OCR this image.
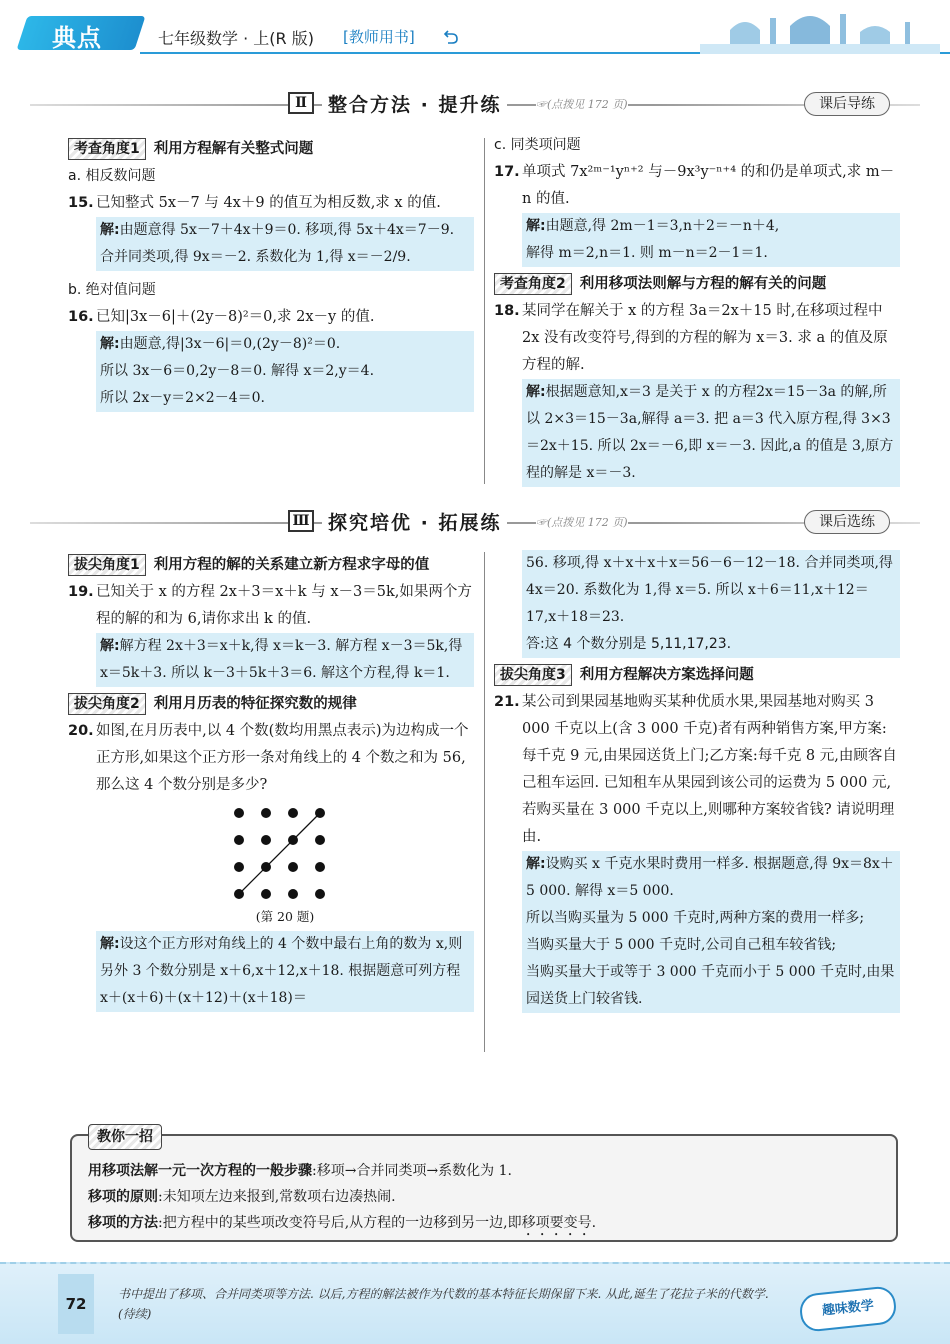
典点	七年级数学 · 上(R 版) [教师用书]
Ⅱ	整合方法 · 提升练	☞(点拨见 172 页)	课后导练
考查角度1 利用方程解有关整式问题
a. 相反数问题
15. 已知整式 5x－7 与 4x＋9 的值互为相反数,求 x 的值.
解:由题意得 5x－7＋4x＋9＝0. 移项,得 5x＋4x＝7－9. 合并同类项,得 9x＝－2. 系数化为 1,得 x＝－2/9.
b. 绝对值问题
16. 已知|3x－6|＋(2y－8)²＝0,求 2x－y 的值.
解:由题意,得|3x－6|＝0,(2y－8)²＝0.
所以 3x－6＝0,2y－8＝0. 解得 x＝2,y＝4.
所以 2x－y＝2×2－4＝0.
c. 同类项问题
17. 单项式 7x²ᵐ⁻¹yⁿ⁺² 与－9x³y⁻ⁿ⁺⁴ 的和仍是单项式,求 m－n 的值.
解:由题意,得 2m－1＝3,n＋2＝－n＋4,
解得 m＝2,n＝1. 则 m－n＝2－1＝1.
考查角度2 利用移项法则解与方程的解有关的问题
18. 某同学在解关于 x 的方程 3a＝2x＋15 时,在移项过程中 2x 没有改变符号,得到的方程的解为 x＝3. 求 a 的值及原方程的解.
解:根据题意知,x＝3 是关于 x 的方程2x＝15－3a 的解,所以 2×3＝15－3a,解得 a＝3. 把 a＝3 代入原方程,得 3×3＝2x＋15. 所以 2x＝－6,即 x＝－3. 因此,a 的值是 3,原方程的解是 x＝－3.
Ⅲ 探究培优 · 拓展练	☞(点拨见 172 页)	课后选练
拔尖角度1 利用方程的解的关系建立新方程求字母的值
19. 已知关于 x 的方程 2x＋3＝x＋k 与 x－3＝5k,如果两个方程的解的和为 6,请你求出 k 的值.
解:解方程 2x＋3＝x＋k,得 x＝k－3. 解方程 x－3＝5k,得 x＝5k＋3. 所以 k－3＋5k＋3＝6. 解这个方程,得 k＝1.
拔尖角度2 利用月历表的特征探究数的规律
20. 如图,在月历表中,以 4 个数(数均用黑点表示)为边构成一个正方形,如果这个正方形一条对角线上的 4 个数之和为 56,那么这 4 个数分别是多少?
(第 20 题)
解:设这个正方形对角线上的 4 个数中最右上角的数为 x,则另外 3 个数分别是 x＋6,x＋12,x＋18. 根据题意可列方程 x＋(x＋6)＋(x＋12)＋(x＋18)＝
56. 移项,得 x＋x＋x＋x＝56－6－12－18. 合并同类项,得 4x＝20. 系数化为 1,得 x＝5. 所以 x＋6＝11,x＋12＝17,x＋18＝23.
答:这 4 个数分别是 5,11,17,23.
拔尖角度3 利用方程解决方案选择问题
21. 某公司到果园基地购买某种优质水果,果园基地对购买 3 000 千克以上(含 3 000 千克)者有两种销售方案,甲方案:每千克 9 元,由果园送货上门;乙方案:每千克 8 元,由顾客自己租车运回. 已知租车从果园到该公司的运费为 5 000 元,若购买量在 3 000 千克以上,则哪种方案较省钱? 请说明理由.
解:设购买 x 千克水果时费用一样多. 根据题意,得 9x＝8x＋5 000. 解得 x＝5 000.
所以当购买量为 5 000 千克时,两种方案的费用一样多;
当购买量大于 5 000 千克时,公司自己租车较省钱;
当购买量大于或等于 3 000 千克而小于 5 000 千克时,由果园送货上门较省钱.
教你一招
用移项法解一元一次方程的一般步骤:移项→合并同类项→系数化为 1.
移项的原则:未知项左边来报到,常数项右边凑热闹.
移项的方法:把方程中的某些项改变符号后,从方程的一边移到另一边,即移项要变号.
72
书中提出了移项、合并同类项等方法. 以后,方程的解法被作为代数的基本特征长期保留下来. 从此,诞生了花拉子米的代数学. (待续)	趣味数学
